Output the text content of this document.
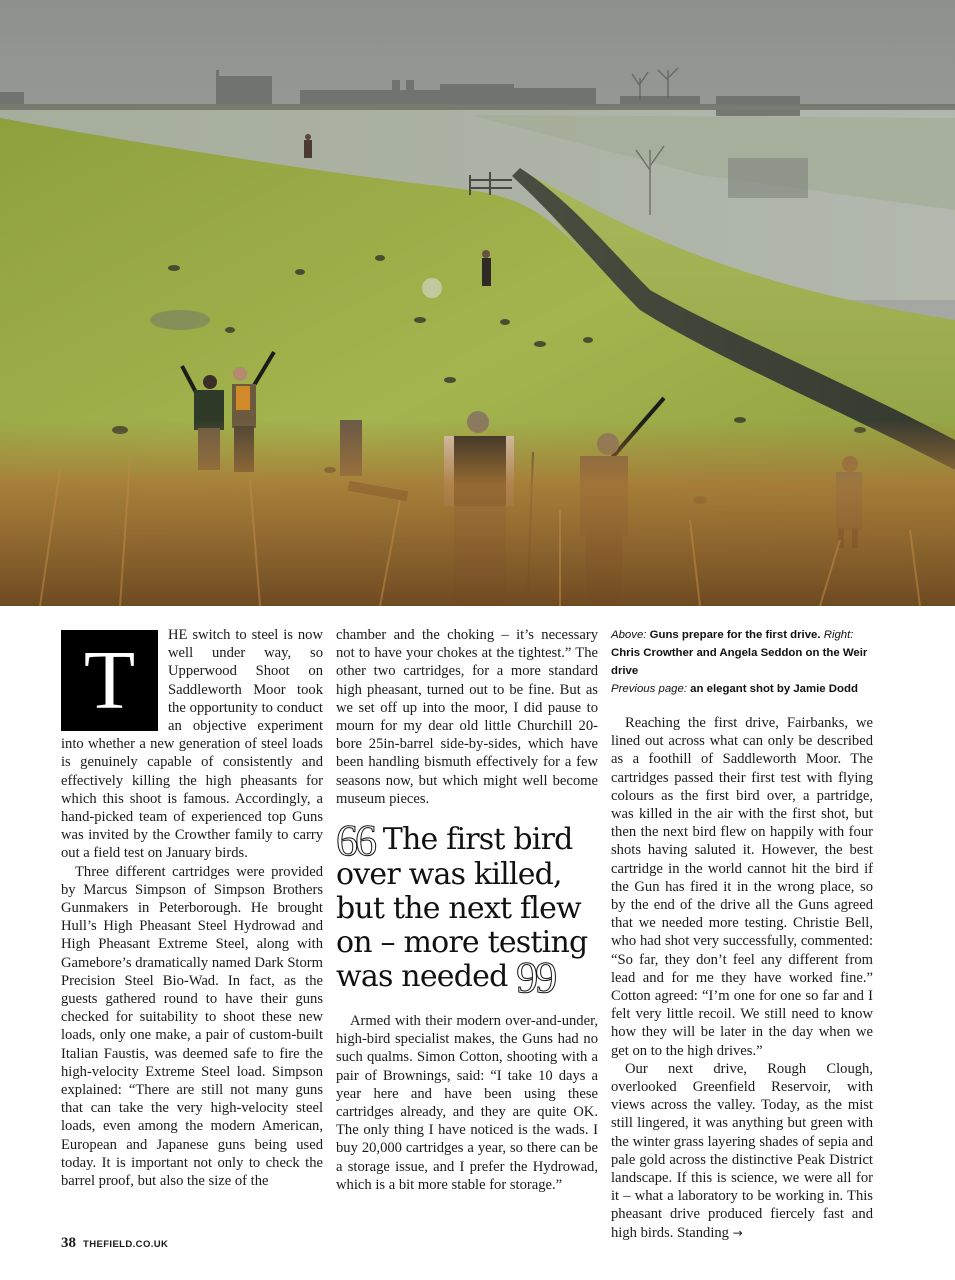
T	HE switch to steel is now well under way, so Upperwood Shoot on Saddleworth Moor took the opportunity to conduct an objective experiment into whether a new generation of steel loads is genuinely capable of consistently and effectively killing the high pheasants for which this shoot is famous. Accordingly, a hand-picked team of experienced top Guns was invited by the Crowther family to carry out a field test on January birds.

Three different cartridges were provided by Marcus Simpson of Simpson Brothers Gunmakers in Peterborough. He brought Hull’s High Pheasant Steel Hydrowad and High Pheasant Extreme Steel, along with Gamebore’s dramatically named Dark Storm Precision Steel Bio-Wad. In fact, as the guests gathered round to have their guns checked for suitability to shoot these new loads, only one make, a pair of custom-built Italian Faustis, was deemed safe to fire the high-velocity Extreme Steel load. Simpson explained: “There are still not many guns that can take the very high-velocity steel loads, even among the modern American, European and Japanese guns being used today. It is important not only to check the barrel proof, but also the size of the

chamber and the choking – it’s necessary not to have your chokes at the tightest.” The other two cartridges, for a more standard high pheasant, turned out to be fine. But as we set off up into the moor, I did pause to mourn for my dear old little Churchill 20-bore 25in-barrel side-by-sides, which have been handling bismuth effectively for a few seasons now, but which might well become museum pieces.

66 The first bird over was killed, but the next flew on – more testing was needed 99

Armed with their modern over-and-under, high-bird specialist makes, the Guns had no such qualms. Simon Cotton, shooting with a pair of Brownings, said: “I take 10 days a year here and have been using these cartridges already, and they are quite OK. The only thing I have noticed is the wads. I buy 20,000 cartridges a year, so there can be a storage issue, and I prefer the Hydrowad, which is a bit more stable for storage.”

Above: Guns prepare for the first drive. Right: Chris Crowther and Angela Seddon on the Weir drive
Previous page: an elegant shot by Jamie Dodd

Reaching the first drive, Fairbanks, we lined out across what can only be described as a foothill of Saddleworth Moor. The cartridges passed their first test with flying colours as the first bird over, a partridge, was killed in the air with the first shot, but then the next bird flew on happily with four shots having saluted it. However, the best cartridge in the world cannot hit the bird if the Gun has fired it in the wrong place, so by the end of the drive all the Guns agreed that we needed more testing. Christie Bell, who had shot very successfully, commented: “So far, they don’t feel any different from lead and for me they have worked fine.” Cotton agreed: “I’m one for one so far and I felt very little recoil. We still need to know how they will be later in the day when we get on to the high drives.”

Our next drive, Rough Clough, overlooked Greenfield Reservoir, with views across the valley. Today, as the mist still lingered, it was anything but green with the winter grass layering shades of sepia and pale gold across the distinctive Peak District landscape. If this is science, we were all for it – what a laboratory to be working in. This pheasant drive produced fiercely fast and high birds. Standing →

38 THEFIELD.CO.UK
